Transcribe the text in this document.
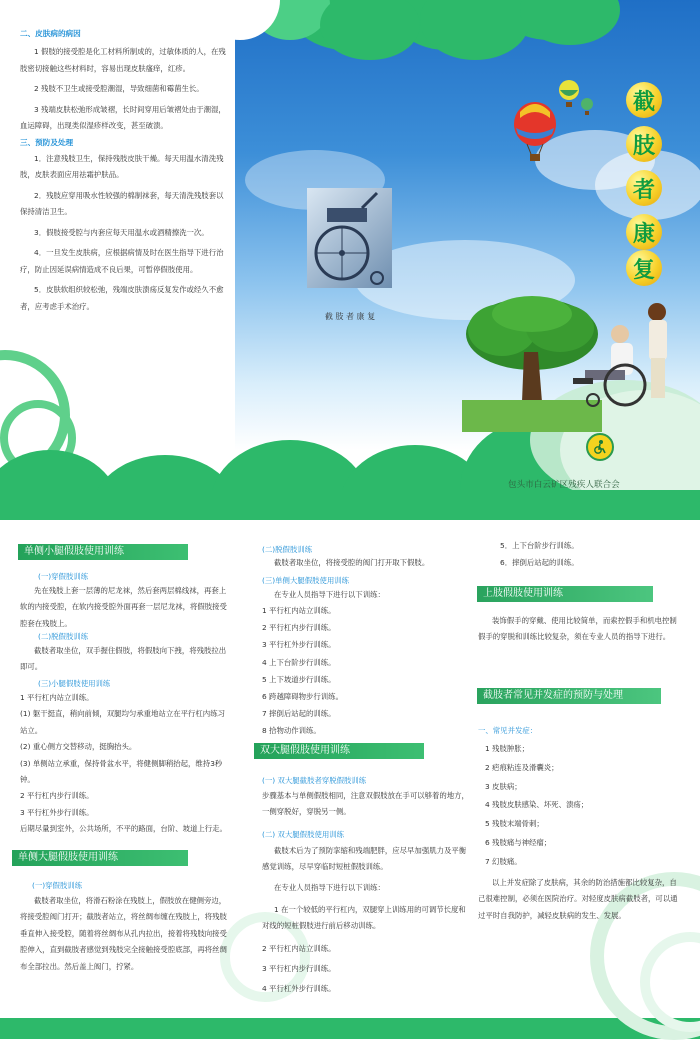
二、皮肤病的病因
1 假肢的接受腔是化工材料所制成的，过敏体质的人，在残肢密切接触这些材料时，容易出现皮肤瘙痒，红疹。
2 残肢不卫生或接受腔潮湿，导致细菌和霉菌生长。
3 残端皮肤松弛形成皱褶，长时间穿用后皱褶处由于潮湿，血运障碍，出现类似湿疹样改变，甚至破溃。
三、预防及处理
1．注意残肢卫生，保持残肢皮肤干燥。每天用温水清洗残肢，皮肤表面应用祛霜护肤品。
2．残肢应穿用吸水性较强的棉制袜套，每天清洗残肢套以保持清洁卫生。
3．假肢接受腔与内套应每天用温水或酒精擦洗一次。
4．一旦发生皮肤病，应根据病情及时在医生指导下进行治疗，防止因延误病情造成不良后果，可暂停假肢使用。
5．皮肤软组织较松弛，残端皮肤溃疡反复发作或经久不愈者，应考虑手术治疗。
截 肢 者 康 复
截
肢
者
康
复
包头市白云矿区残疾人联合会
单侧小腿假肢使用训练
(一)穿假肢训练
先在残肢上套一层薄的尼龙袜，然后套两层棉线袜，再套上软的内接受腔，在软内接受腔外面再套一层尼龙袜，将假肢接受腔套在残肢上。
(二)脱假肢训练
截肢者取坐位，双手握住假肢，将假肢向下拽，将残肢拉出即可。
(三)小腿假肢使用训练
1 平行杠内站立训练。
(1) 躯干挺直，稍向前倾，双腿均匀承重地站立在平行杠内练习站立。
(2) 重心侧方交替移动，挺胸抬头。
(3) 单侧站立承重，保持骨盆水平，将健侧脚稍抬起，维持3秒钟。
2 平行杠内步行训练。
3 平行杠外步行训练。
后期尽量到室外，公共场所，不平的路面，台阶、坡道上行走。
单侧大腿假肢使用训练
(一)穿假肢训练
截肢者取坐位，将滑石粉涂在残肢上，假肢放在健侧旁边，将接受腔阀门打开；截肢者站立，将丝绸布缠在残肢上，将残肢垂直伸入接受腔，随着将丝绸布从孔内拉出，接着将残肢向接受腔伸入，直到截肢者感觉到残肢完全接触接受腔底部，再将丝绸布全部拉出。然后盖上阀门，拧紧。
(二)脱假肢训练
截肢者取坐位，将接受腔的阀门打开取下假肢。
(三)单侧大腿假肢使用训练
在专业人员指导下进行以下训练：
1 平行杠内站立训练。
2 平行杠内步行训练。
3 平行杠外步行训练。
4 上下台阶步行训练。
5 上下坡道步行训练。
6 跨越障碍物步行训练。
7 摔倒后站起的训练。
8 拾物动作训练。
双大腿假肢使用训练
(一) 双大腿截肢者穿脱假肢训练
步骤基本与单侧假肢相同，注意双假肢放在手可以够着的地方，一侧穿脱好，穿脱另一侧。
(二) 双大腿假肢使用训练
截肢术后为了预防挛缩和残端肥胖，应尽早加强肌力及平衡感觉训练，尽早穿临时短桩假肢训练。
在专业人员指导下进行以下训练：
1 在一个较低的平行杠内，双腿穿上训练用的可调节长度和对线的短桩假肢进行前后移动训练。
2 平行杠内站立训练。
3 平行杠内步行训练。
4 平行杠外步行训练。
5．上下台阶步行训练。
6．摔倒后站起的训练。
上肢假肢使用训练
装饰假手的穿戴、使用比较简单，而索控假手和机电控制假手的穿脱和训练比较复杂，须在专业人员的指导下进行。
截肢者常见并发症的预防与处理
一、常见并发症：
1 残肢肿胀；
2 疤痕粘连及滑囊炎；
3 皮肤病；
4 残肢皮肤感染、坏死、溃疡；
5 残肢末端骨刺；
6 残肢痛与神经瘤；
7 幻肢痛。
以上并发症除了皮肤病，其余的防治措施都比较复杂，自己很难控制，必须在医院治疗。对轻度皮肤病截肢者，可以通过平时自我防护，减轻皮肤病的发生、发展。
